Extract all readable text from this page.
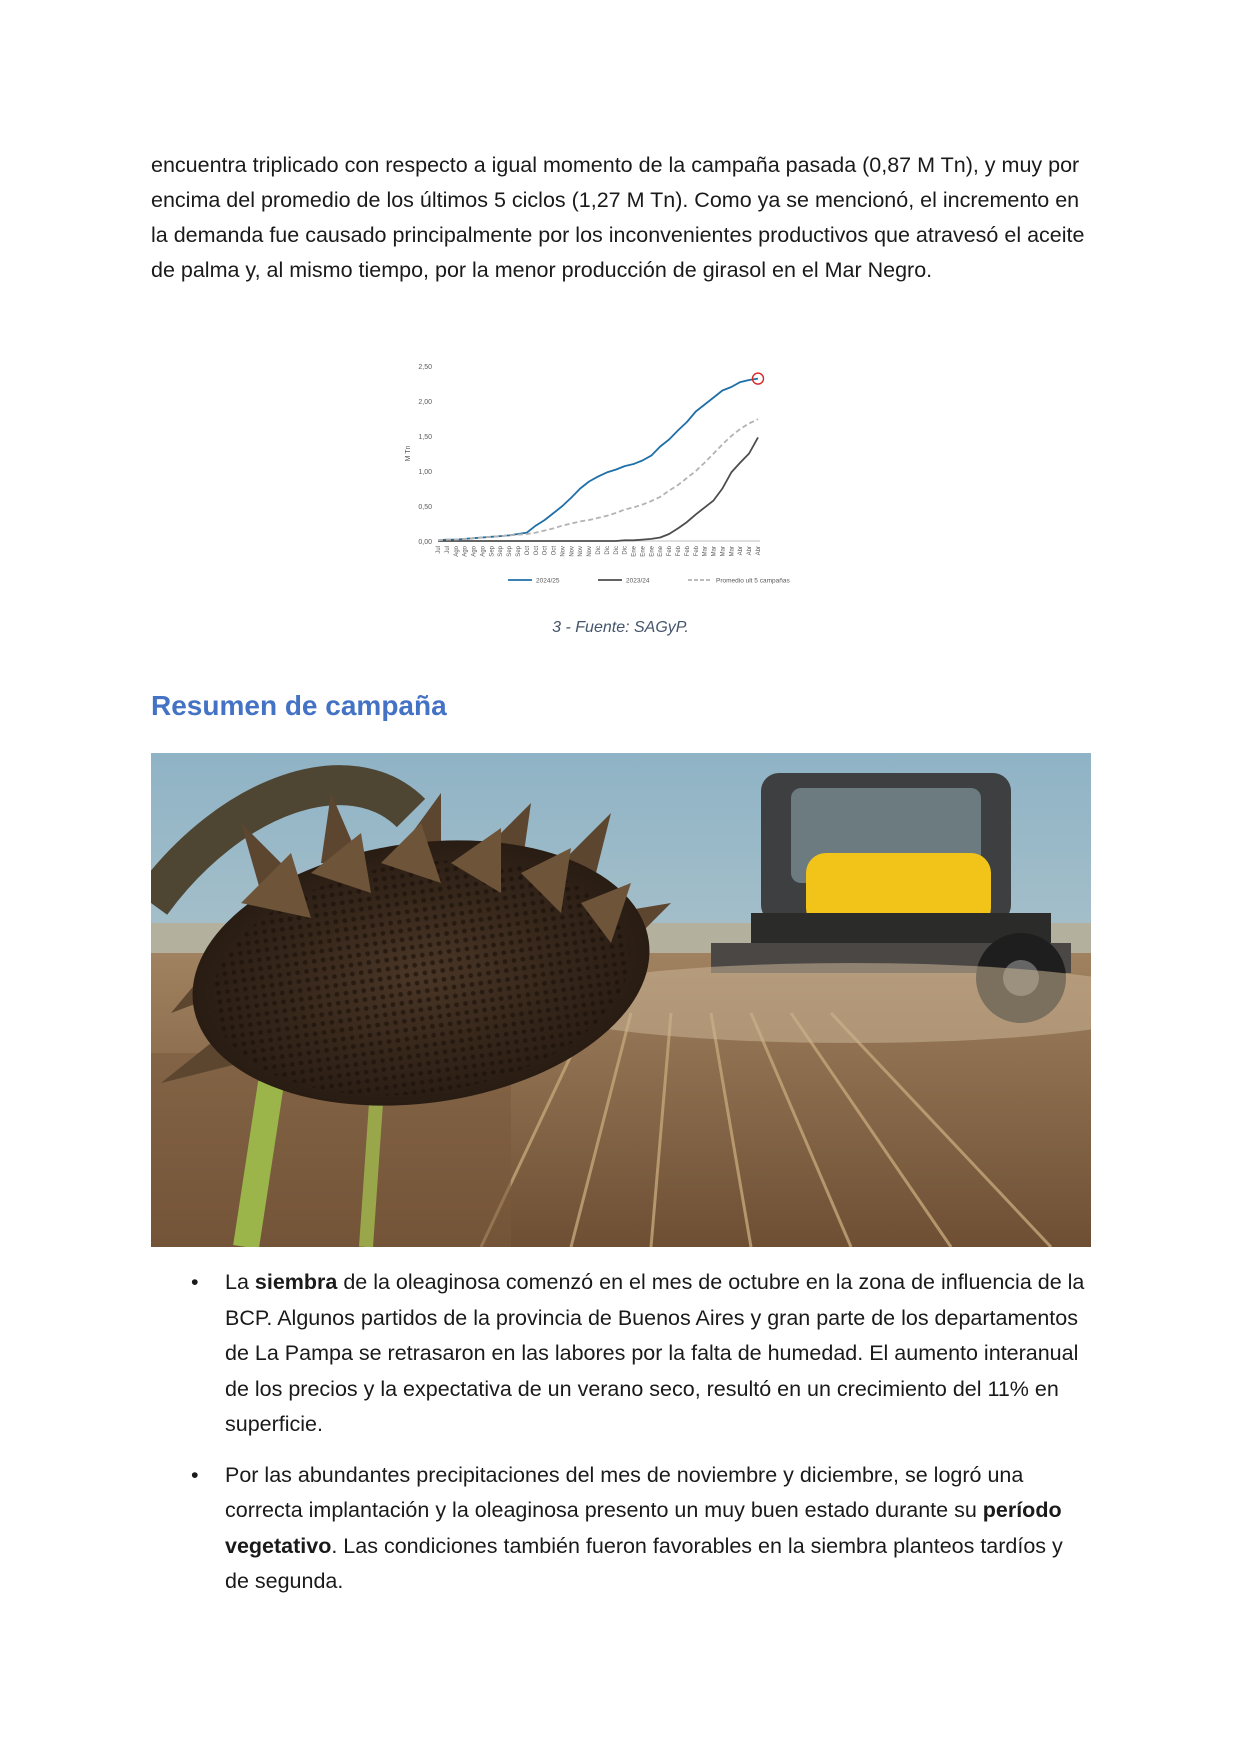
encuentra triplicado con respecto a igual momento de la campaña pasada (0,87 M Tn), y muy por encima del promedio de los últimos 5 ciclos (1,27 M Tn). Como ya se mencionó, el incremento en la demanda fue causado principalmente por los inconvenientes productivos que atravesó el aceite de palma y, al mismo tiempo, por la menor producción de girasol en el Mar Negro.

0,00
0,50
1,00
1,50
2,00
2,50
M Tn
Jul Jul Ago Ago Ago Ago Sep Sep Sep Sep Oct Oct Oct Oct Nov Nov Nov Nov Dic Dic Dic Dic Ene Ene Ene Ene Feb Feb Feb Feb Mar Mar Mar Mar Abr Abr Abr
2024/25	2023/24	Promedio ult 5 campañas
3 - Fuente: SAGyP.
Resumen de campaña
• La siembra de la oleaginosa comenzó en el mes de octubre en la zona de influencia de la BCP. Algunos partidos de la provincia de Buenos Aires y gran parte de los departamentos de La Pampa se retrasaron en las labores por la falta de humedad. El aumento interanual de los precios y la expectativa de un verano seco, resultó en un crecimiento del 11% en superficie.
• Por las abundantes precipitaciones del mes de noviembre y diciembre, se logró una correcta implantación y la oleaginosa presento un muy buen estado durante su período vegetativo. Las condiciones también fueron favorables en la siembra planteos tardíos y de segunda.
